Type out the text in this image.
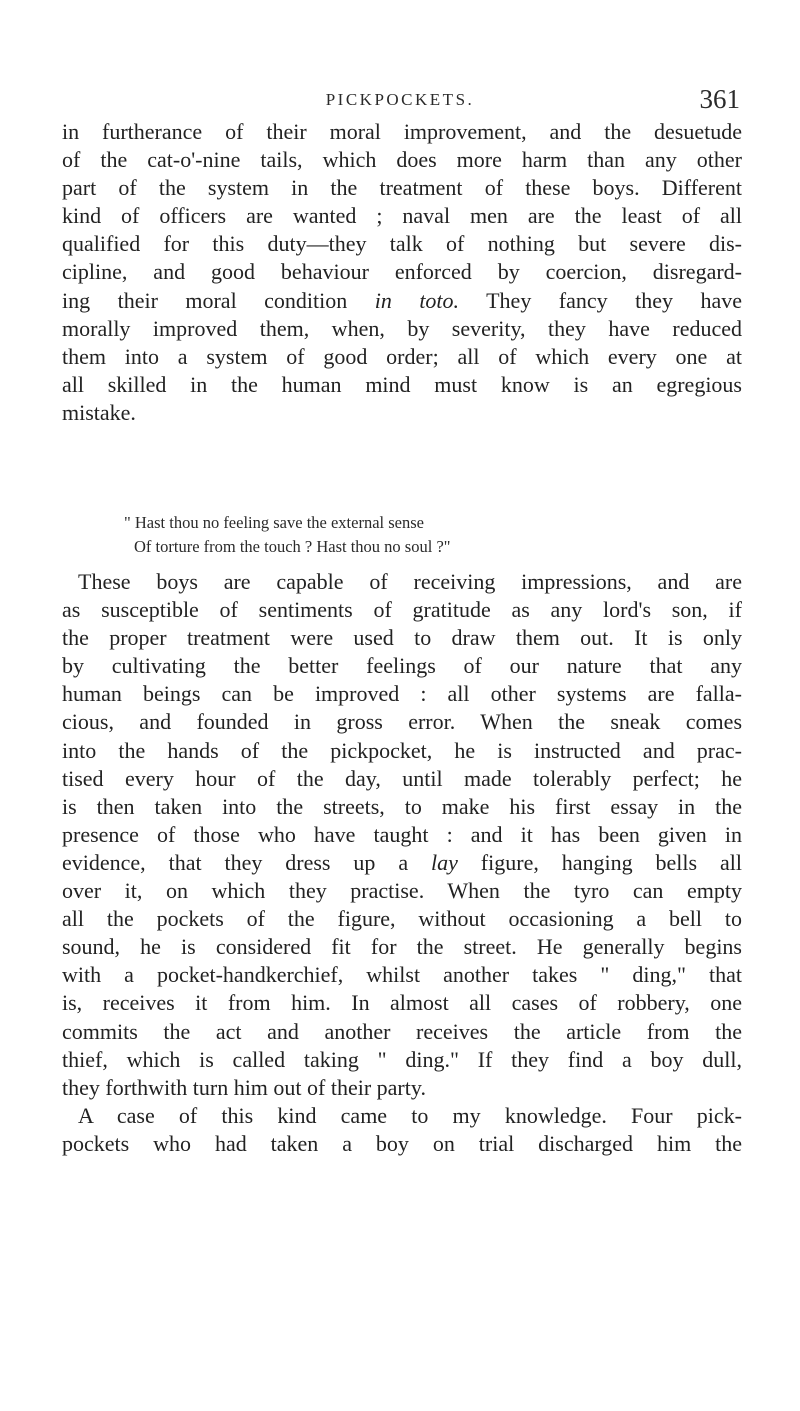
PICKPOCKETS.	361
in furtherance of their moral improvement, and the desuetude
of the cat-o'-nine tails, which does more harm than any other
part of the system in the treatment of these boys. Different
kind of officers are wanted ; naval men are the least of all
qualified for this duty—they talk of nothing but severe dis-
cipline, and good behaviour enforced by coercion, disregard-
ing their moral condition in toto. They fancy they have
morally improved them, when, by severity, they have reduced
them into a system of good order; all of which every one at
all skilled in the human mind must know is an egregious
mistake.
" Hast thou no feeling save the external sense
Of torture from the touch ? Hast thou no soul ?"
These boys are capable of receiving impressions, and are
as susceptible of sentiments of gratitude as any lord's son, if
the proper treatment were used to draw them out. It is only
by cultivating the better feelings of our nature that any
human beings can be improved : all other systems are falla-
cious, and founded in gross error. When the sneak comes
into the hands of the pickpocket, he is instructed and prac-
tised every hour of the day, until made tolerably perfect; he
is then taken into the streets, to make his first essay in the
presence of those who have taught : and it has been given in
evidence, that they dress up a lay figure, hanging bells all
over it, on which they practise. When the tyro can empty
all the pockets of the figure, without occasioning a bell to
sound, he is considered fit for the street. He generally begins
with a pocket-handkerchief, whilst another takes " ding," that
is, receives it from him. In almost all cases of robbery, one
commits the act and another receives the article from the
thief, which is called taking " ding." If they find a boy dull,
they forthwith turn him out of their party.
A case of this kind came to my knowledge. Four pick-
pockets who had taken a boy on trial discharged him the
